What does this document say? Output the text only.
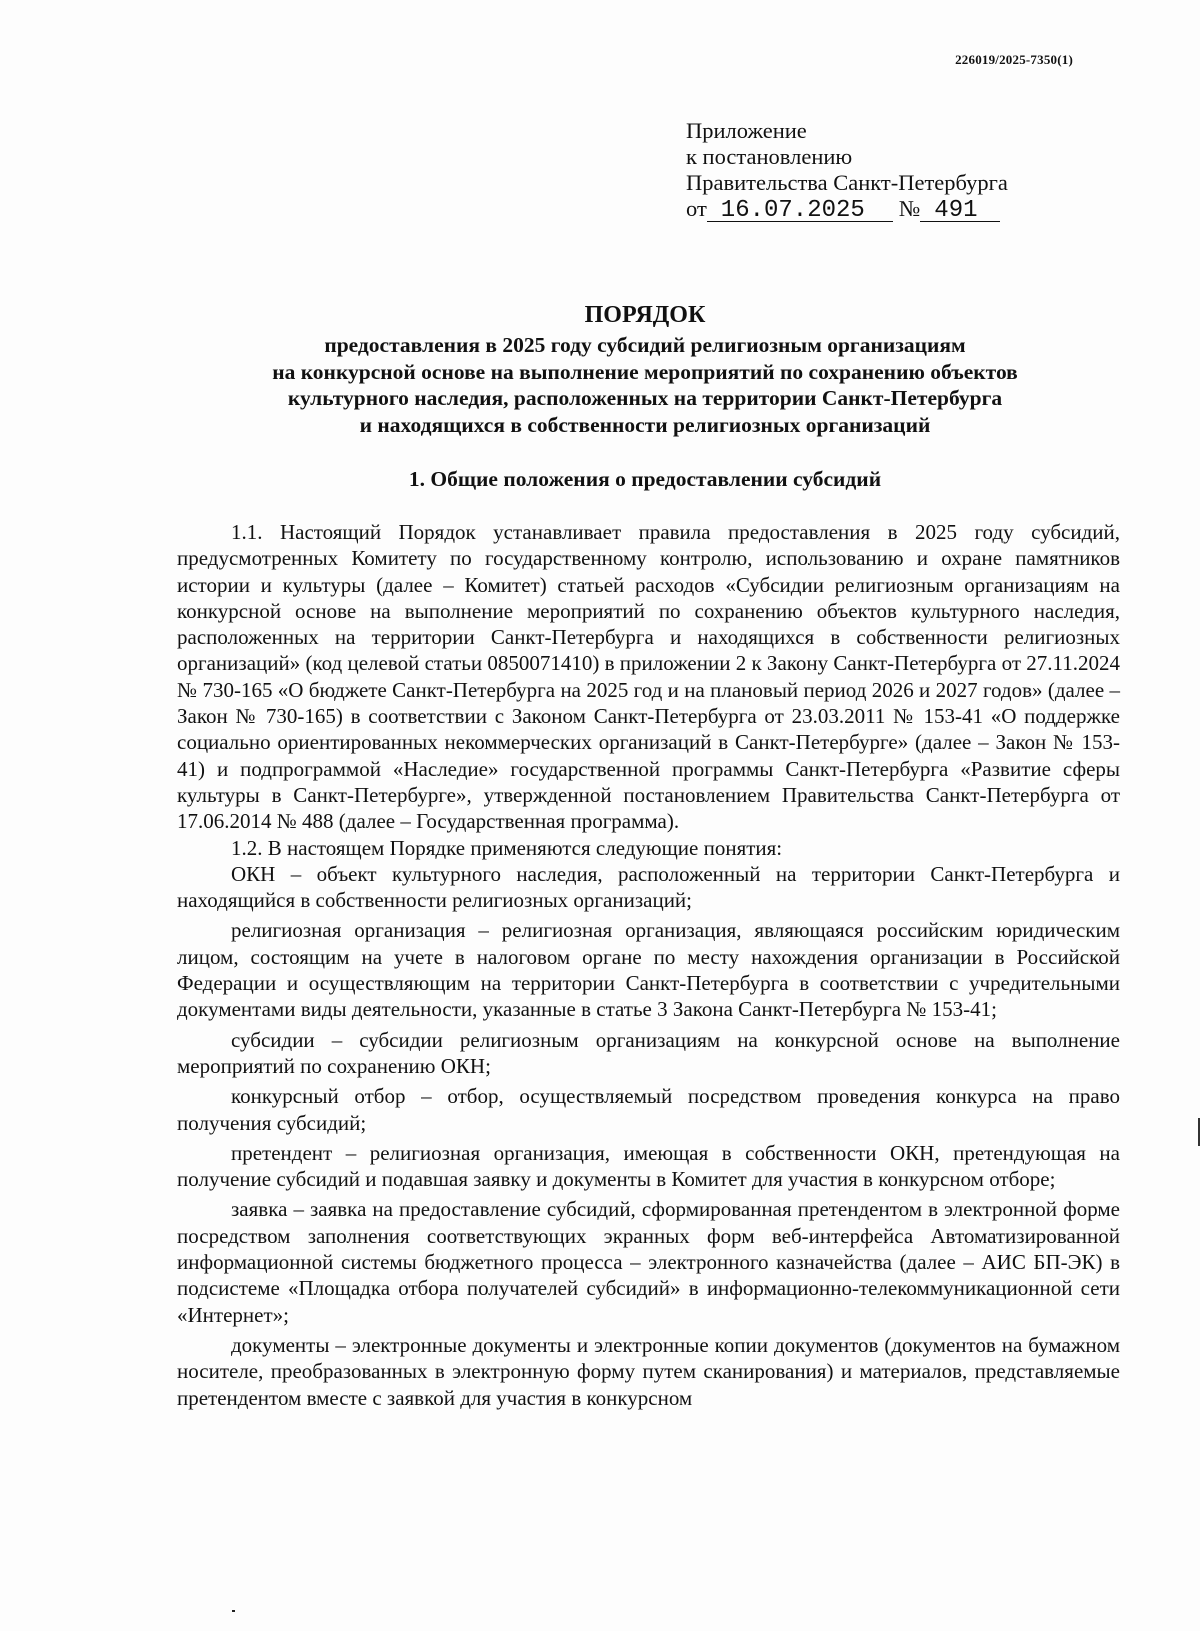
226019/2025-7350(1)
Приложение
к постановлению
Правительства Санкт-Петербурга
от 16.07.2025 № 491
ПОРЯДОК
предоставления в 2025 году субсидий религиозным организациям
на конкурсной основе на выполнение мероприятий по сохранению объектов
культурного наследия, расположенных на территории Санкт-Петербурга
и находящихся в собственности религиозных организаций
1. Общие положения о предоставлении субсидий

1.1. Настоящий Порядок устанавливает правила предоставления в 2025 году субсидий, предусмотренных Комитету по государственному контролю, использованию и охране памятников истории и культуры (далее – Комитет) статьей расходов «Субсидии религиозным организациям на конкурсной основе на выполнение мероприятий по сохранению объектов культурного наследия, расположенных на территории Санкт-Петербурга и находящихся в собственности религиозных организаций» (код целевой статьи 0850071410) в приложении 2 к Закону Санкт-Петербурга от 27.11.2024 № 730-165 «О бюджете Санкт-Петербурга на 2025 год и на плановый период 2026 и 2027 годов» (далее – Закон № 730-165) в соответствии с Законом Санкт-Петербурга от 23.03.2011 № 153-41 «О поддержке социально ориентированных некоммерческих организаций в Санкт-Петербурге» (далее – Закон № 153-41) и подпрограммой «Наследие» государственной программы Санкт-Петербурга «Развитие сферы культуры в Санкт-Петербурге», утвержденной постановлением Правительства Санкт-Петербурга от 17.06.2014 № 488 (далее – Государственная программа).

1.2. В настоящем Порядке применяются следующие понятия:

ОКН – объект культурного наследия, расположенный на территории Санкт-Петербурга и находящийся в собственности религиозных организаций;

религиозная организация – религиозная организация, являющаяся российским юридическим лицом, состоящим на учете в налоговом органе по месту нахождения организации в Российской Федерации и осуществляющим на территории Санкт-Петербурга в соответствии с учредительными документами виды деятельности, указанные в статье 3 Закона Санкт-Петербурга № 153-41;

субсидии – субсидии религиозным организациям на конкурсной основе на выполнение мероприятий по сохранению ОКН;

конкурсный отбор – отбор, осуществляемый посредством проведения конкурса на право получения субсидий;

претендент – религиозная организация, имеющая в собственности ОКН, претендующая на получение субсидий и подавшая заявку и документы в Комитет для участия в конкурсном отборе;

заявка – заявка на предоставление субсидий, сформированная претендентом в электронной форме посредством заполнения соответствующих экранных форм веб-интерфейса Автоматизированной информационной системы бюджетного процесса – электронного казначейства (далее – АИС БП-ЭК) в подсистеме «Площадка отбора получателей субсидий» в информационно-телекоммуникационной сети «Интернет»;

документы – электронные документы и электронные копии документов (документов на бумажном носителе, преобразованных в электронную форму путем сканирования) и материалов, представляемые претендентом вместе с заявкой для участия в конкурсном
